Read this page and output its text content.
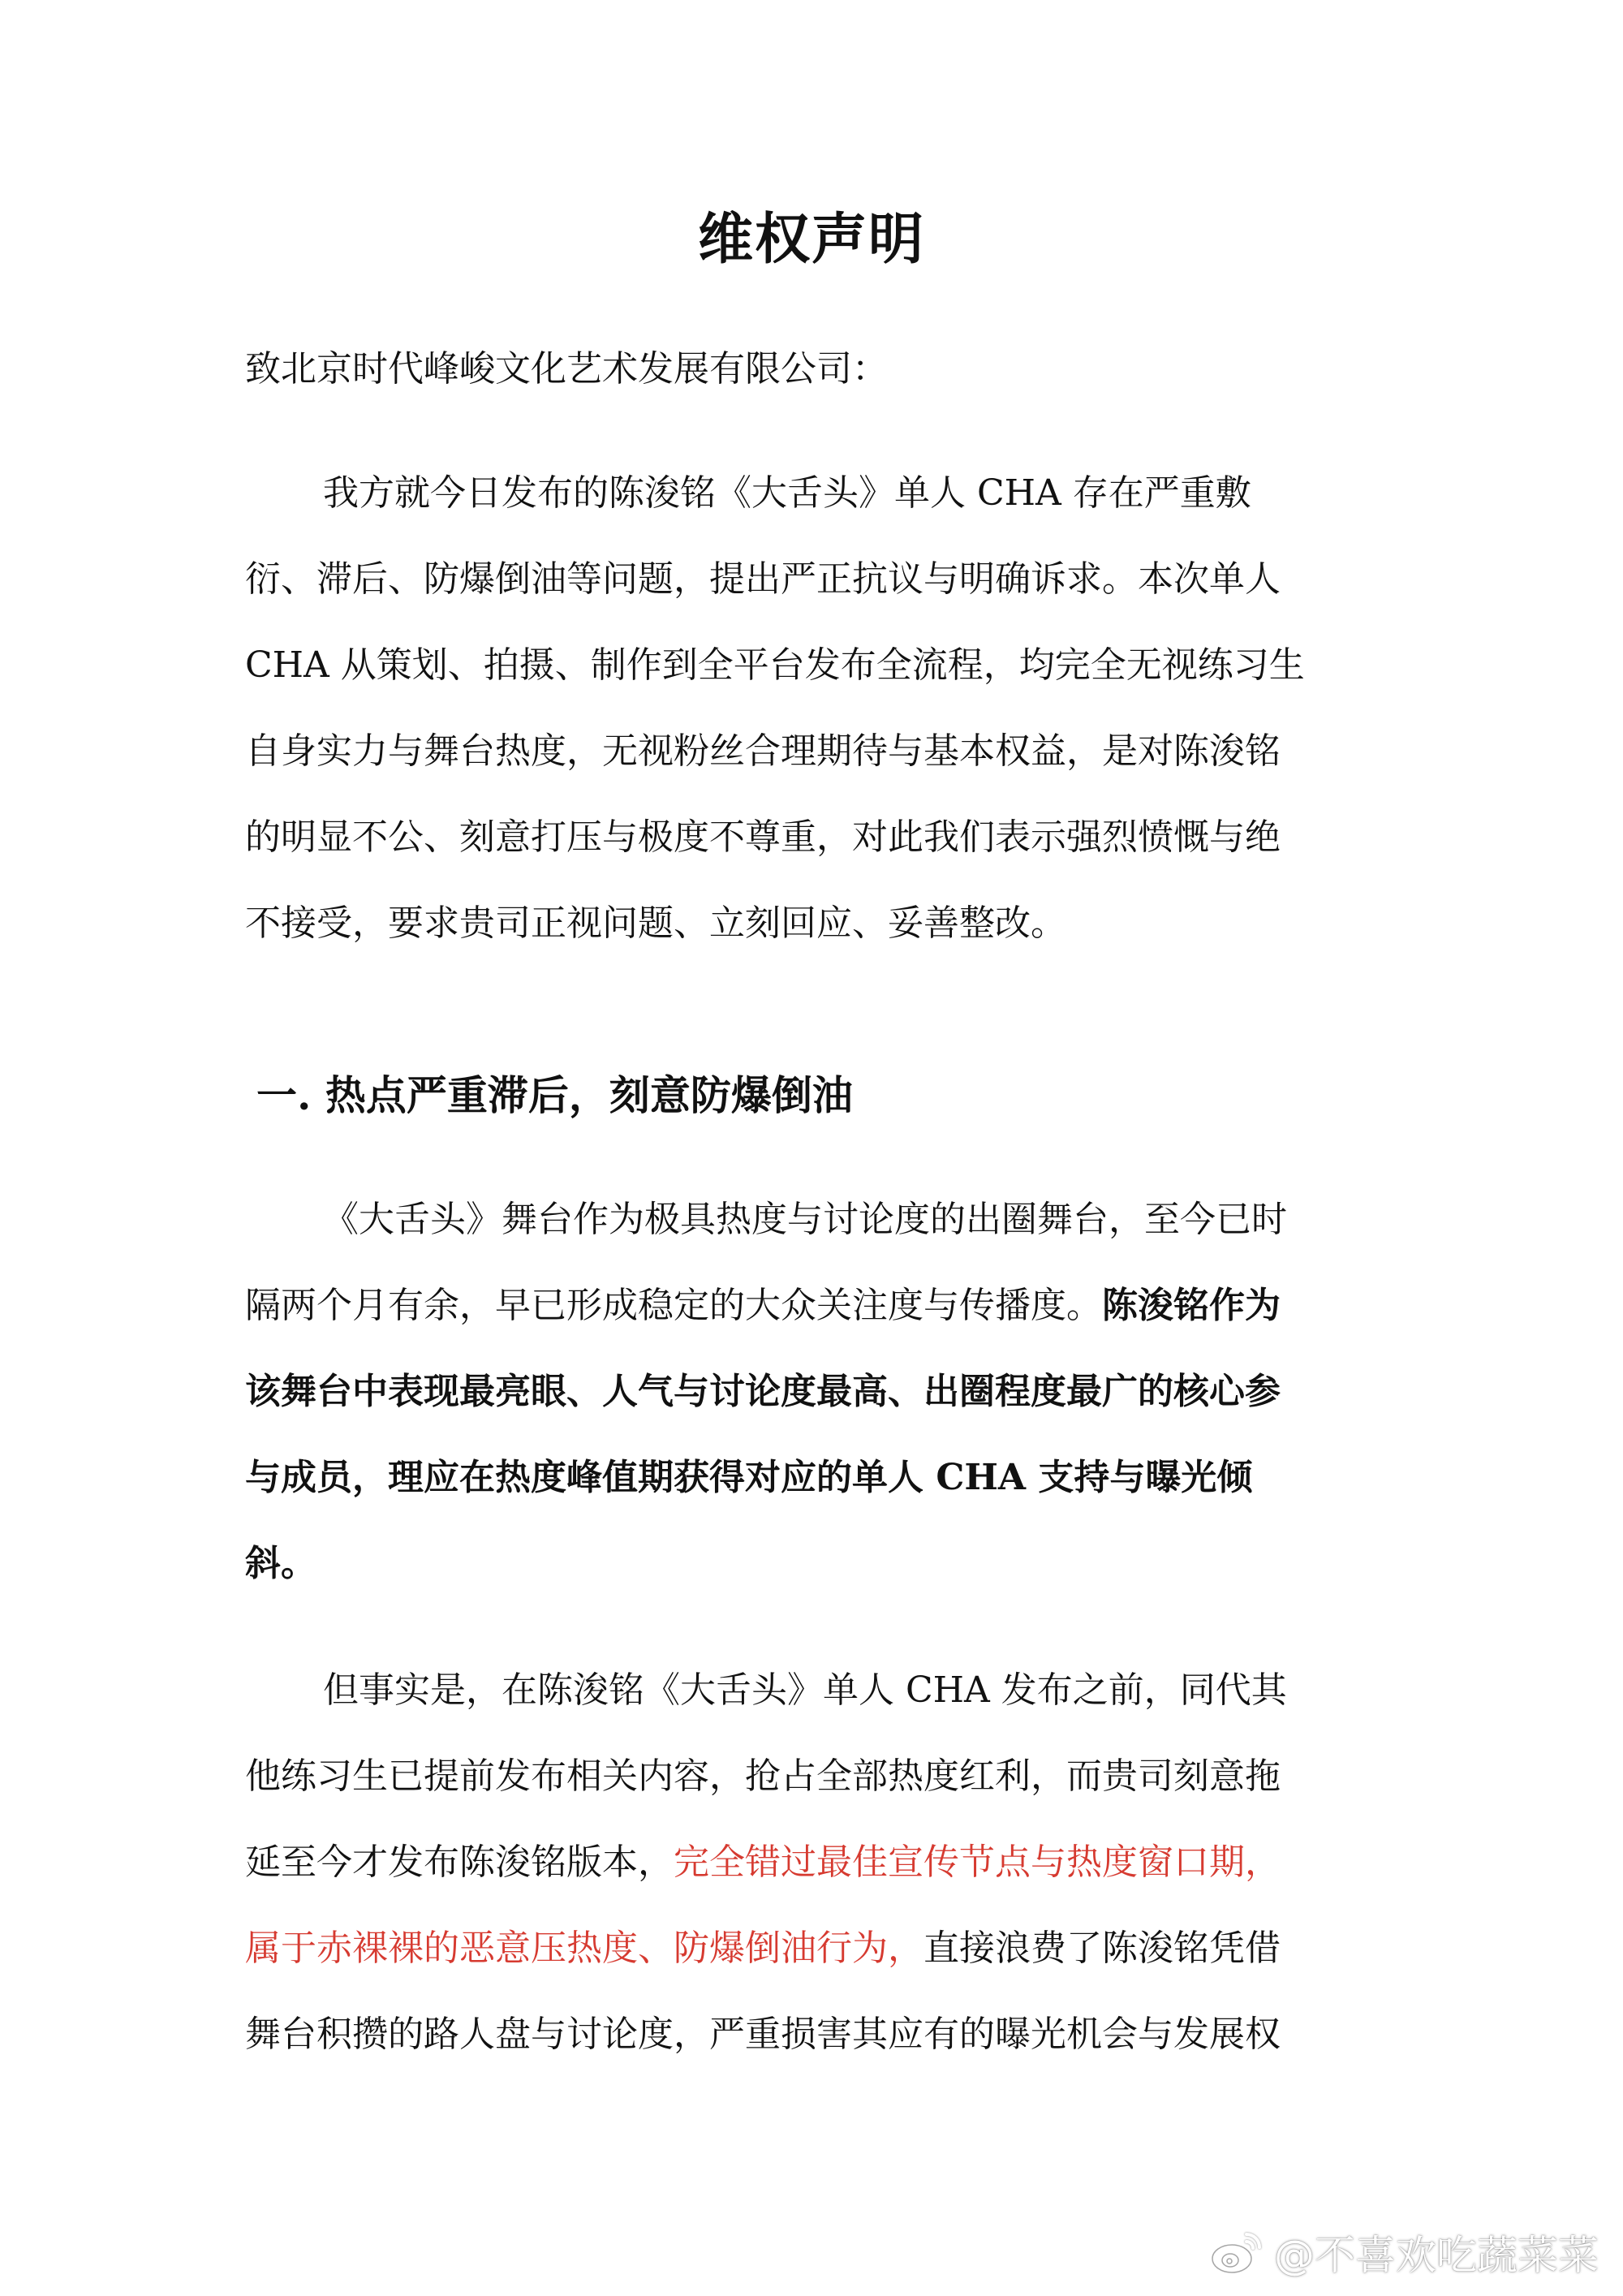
维权声明
致北京时代峰峻文化艺术发展有限公司：
我方就今日发布的陈浚铭《大舌头》单人 CHA 存在严重敷
衍、滞后、防爆倒油等问题，提出严正抗议与明确诉求。本次单人
CHA 从策划、拍摄、制作到全平台发布全流程，均完全无视练习生
自身实力与舞台热度，无视粉丝合理期待与基本权益，是对陈浚铭
的明显不公、刻意打压与极度不尊重，对此我们表示强烈愤慨与绝
不接受，要求贵司正视问题、立刻回应、妥善整改。
一. 热点严重滞后，刻意防爆倒油
《大舌头》舞台作为极具热度与讨论度的出圈舞台，至今已时
隔两个月有余，早已形成稳定的大众关注度与传播度。陈浚铭作为
该舞台中表现最亮眼、人气与讨论度最高、出圈程度最广的核心参
与成员，理应在热度峰值期获得对应的单人 CHA 支持与曝光倾
斜。
但事实是，在陈浚铭《大舌头》单人 CHA 发布之前，同代其
他练习生已提前发布相关内容，抢占全部热度红利，而贵司刻意拖
延至今才发布陈浚铭版本，完全错过最佳宣传节点与热度窗口期，
属于赤裸裸的恶意压热度、防爆倒油行为，直接浪费了陈浚铭凭借
舞台积攒的路人盘与讨论度，严重损害其应有的曝光机会与发展权
@不喜欢吃蔬菜菜
